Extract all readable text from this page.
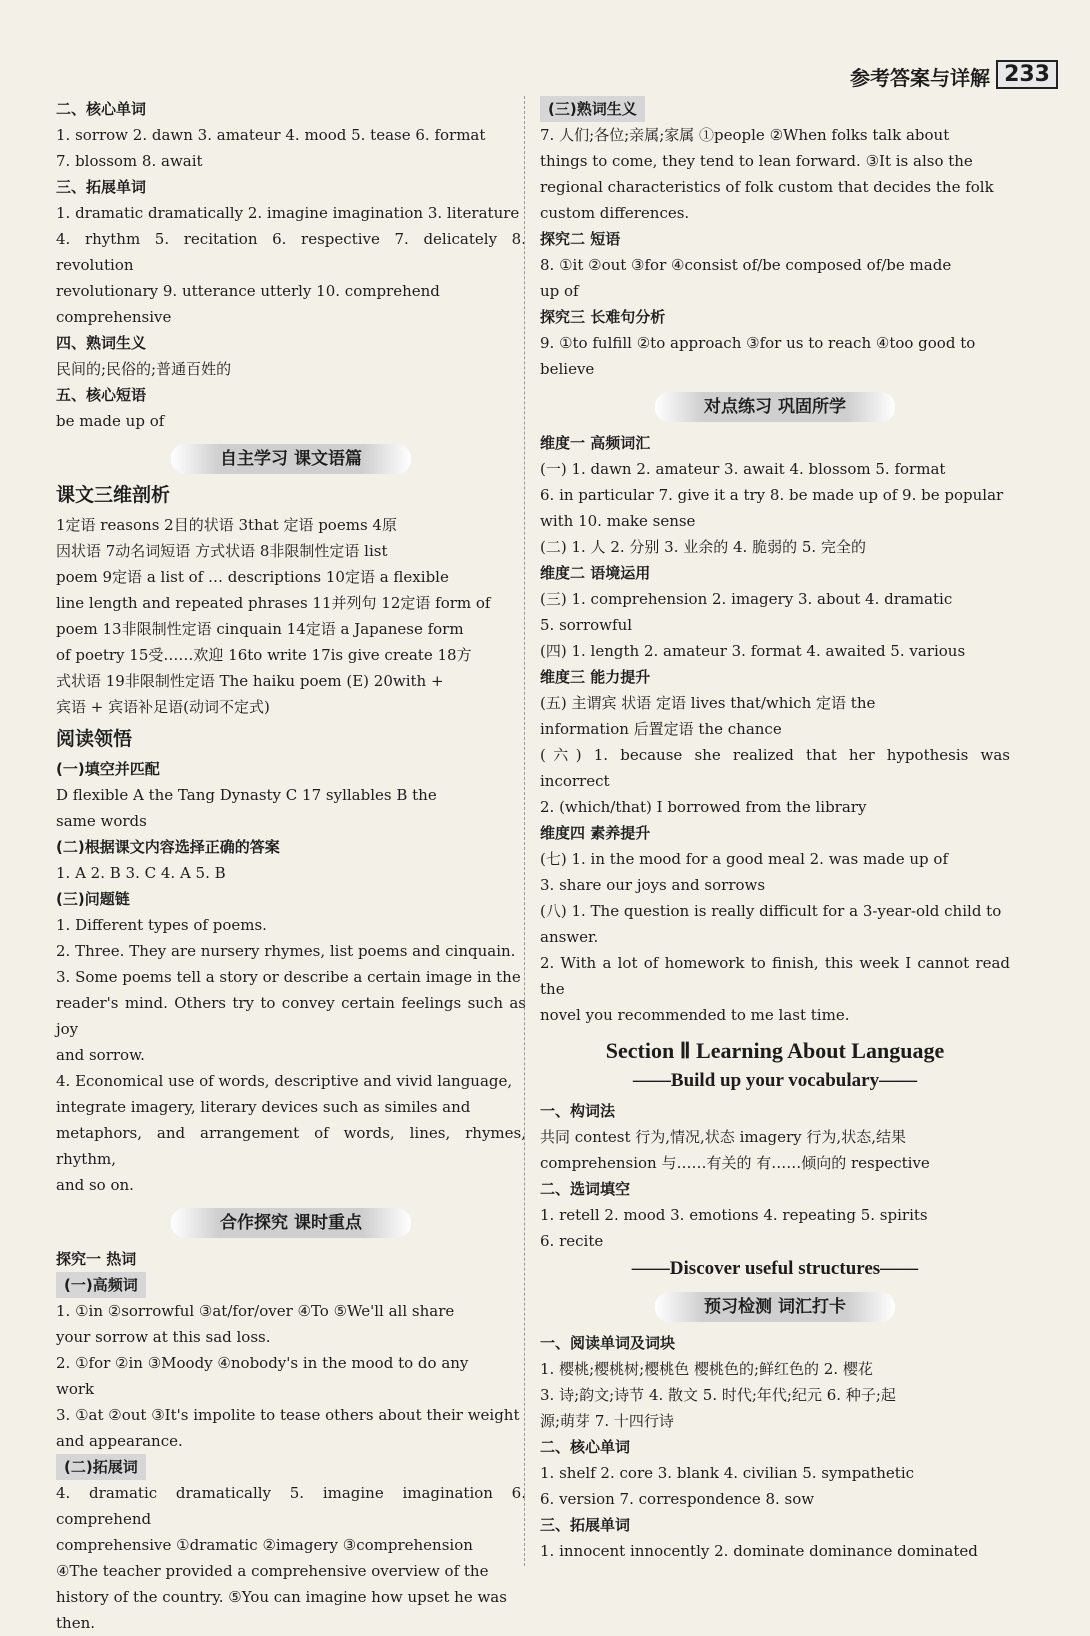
参考答案与详解 233
二、核心单词
1. sorrow 2. dawn 3. amateur 4. mood 5. tease 6. format
7. blossom 8. await
三、拓展单词
1. dramatic dramatically 2. imagine imagination 3. literature
4. rhythm 5. recitation 6. respective 7. delicately 8. revolution
revolutionary 9. utterance utterly 10. comprehend
comprehensive
四、熟词生义
民间的;民俗的;普通百姓的
五、核心短语
be made up of
自主学习 课文语篇
课文三维剖析
1定语 reasons 2目的状语 3that 定语 poems 4原
因状语 7动名词短语 方式状语 8非限制性定语 list
poem 9定语 a list of … descriptions 10定语 a flexible
line length and repeated phrases 11并列句 12定语 form of
poem 13非限制性定语 cinquain 14定语 a Japanese form
of poetry 15受……欢迎 16to write 17is give create 18方
式状语 19非限制性定语 The haiku poem (E) 20with +
宾语 + 宾语补足语(动词不定式)
阅读领悟
(一)填空并匹配
D flexible A the Tang Dynasty C 17 syllables B the
same words
(二)根据课文内容选择正确的答案
1. A 2. B 3. C 4. A 5. B
(三)问题链
1. Different types of poems.
2. Three. They are nursery rhymes, list poems and cinquain.
3. Some poems tell a story or describe a certain image in the
reader's mind. Others try to convey certain feelings such as joy
and sorrow.
4. Economical use of words, descriptive and vivid language,
integrate imagery, literary devices such as similes and
metaphors, and arrangement of words, lines, rhymes, rhythm,
and so on.
合作探究 课时重点
探究一 热词
(一)高频词
1. ①in ②sorrowful ③at/for/over ④To ⑤We'll all share
your sorrow at this sad loss.
2. ①for ②in ③Moody ④nobody's in the mood to do any
work
3. ①at ②out ③It's impolite to tease others about their weight
and appearance.
(二)拓展词
4. dramatic dramatically 5. imagine imagination 6. comprehend
comprehensive ①dramatic ②imagery ③comprehension
④The teacher provided a comprehensive overview of the
history of the country. ⑤You can imagine how upset he was
then.
(三)熟词生义
7. 人们;各位;亲属;家属 ①people ②When folks talk about
things to come, they tend to lean forward. ③It is also the
regional characteristics of folk custom that decides the folk
custom differences.
探究二 短语
8. ①it ②out ③for ④consist of/be composed of/be made
up of
探究三 长难句分析
9. ①to fulfill ②to approach ③for us to reach ④too good to
believe
对点练习 巩固所学
维度一 高频词汇
(一) 1. dawn 2. amateur 3. await 4. blossom 5. format
6. in particular 7. give it a try 8. be made up of 9. be popular
with 10. make sense
(二) 1. 人 2. 分别 3. 业余的 4. 脆弱的 5. 完全的
维度二 语境运用
(三) 1. comprehension 2. imagery 3. about 4. dramatic
5. sorrowful
(四) 1. length 2. amateur 3. format 4. awaited 5. various
维度三 能力提升
(五) 主谓宾 状语 定语 lives that/which 定语 the
information 后置定语 the chance
(六) 1. because she realized that her hypothesis was incorrect
2. (which/that) I borrowed from the library
维度四 素养提升
(七) 1. in the mood for a good meal 2. was made up of
3. share our joys and sorrows
(八) 1. The question is really difficult for a 3-year-old child to
answer.
2. With a lot of homework to finish, this week I cannot read the
novel you recommended to me last time.
Section Ⅱ Learning About Language
——Build up your vocabulary——
一、构词法
共同 contest 行为,情况,状态 imagery 行为,状态,结果
comprehension 与……有关的 有……倾向的 respective
二、选词填空
1. retell 2. mood 3. emotions 4. repeating 5. spirits
6. recite
——Discover useful structures——
预习检测 词汇打卡
一、阅读单词及词块
1. 樱桃;樱桃树;樱桃色 樱桃色的;鲜红色的 2. 樱花
3. 诗;韵文;诗节 4. 散文 5. 时代;年代;纪元 6. 种子;起
源;萌芽 7. 十四行诗
二、核心单词
1. shelf 2. core 3. blank 4. civilian 5. sympathetic
6. version 7. correspondence 8. sow
三、拓展单词
1. innocent innocently 2. dominate dominance dominated
